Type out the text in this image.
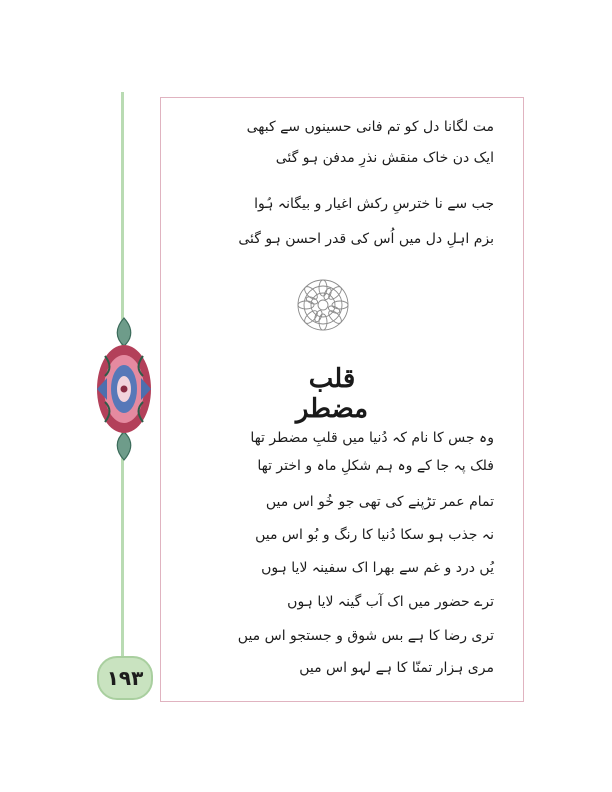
۱۹۳
مت لگانا دل کو تم فانی حسینوں سے کبھی
ایک دن خاک منقش نذرِ مدفن ہو گئی
جب سے نا خترسِ رکش اغیار و بیگانہ ہُوا
بزم اہلِ دل میں اُس کی قدر احسن ہو گئی
قلب مضطر
وہ جس کا نام کہ دُنیا میں قلبِ مضطر تھا
فلک پہ جا کے وہ ہم شکلِ ماہ و اختر تھا
تمام عمر تڑپنے کی تھی جو خُو اس میں
نہ جذب ہو سکا دُنیا کا رنگ و بُو اس میں
یُں درد و غم سے بھرا اک سفینہ لایا ہوں
ترے حضور میں اک آب گینہ لایا ہوں
تری رضا کا ہے بس شوق و جستجو اس میں
مری ہزار تمنّا کا ہے لہو اس میں
